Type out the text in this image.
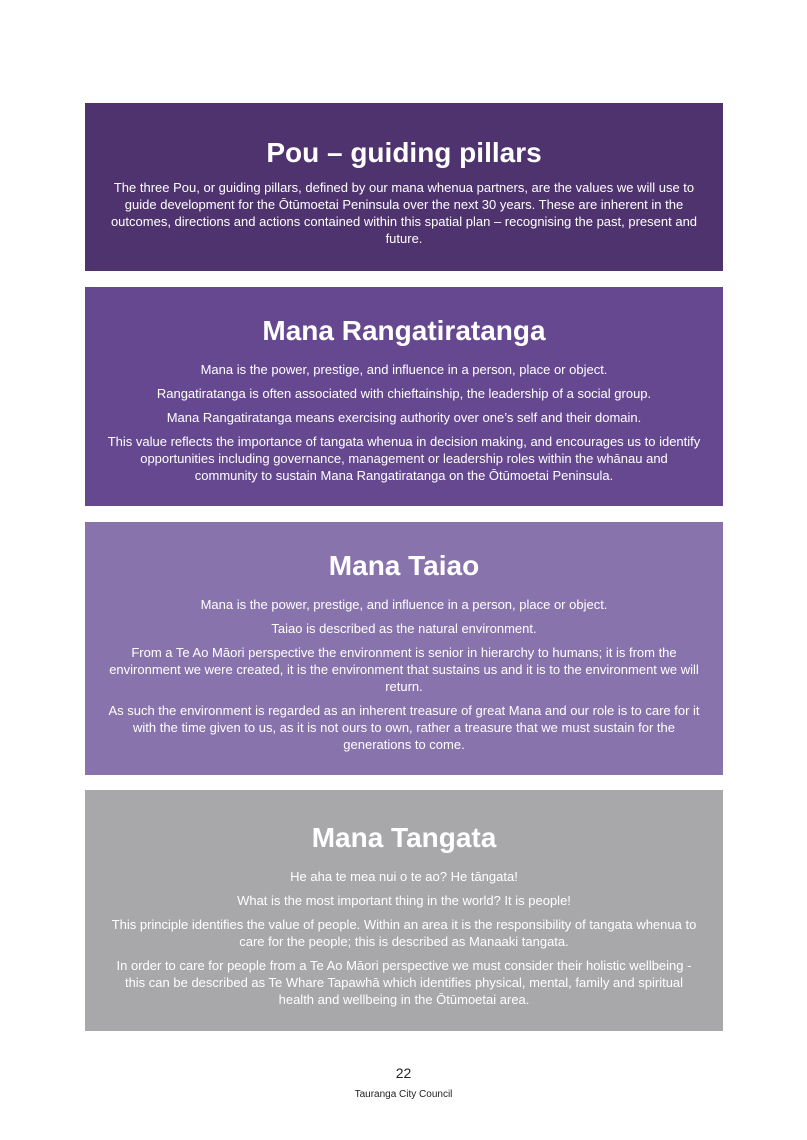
Pou – guiding pillars

The three Pou, or guiding pillars, defined by our mana whenua partners, are the values we will use to guide development for the Ōtūmoetai Peninsula over the next 30 years. These are inherent in the outcomes, directions and actions contained within this spatial plan – recognising the past, present and future.

Mana Rangatiratanga

Mana is the power, prestige, and influence in a person, place or object.

Rangatiratanga is often associated with chieftainship, the leadership of a social group.

Mana Rangatiratanga means exercising authority over one’s self and their domain.

This value reflects the importance of tangata whenua in decision making, and encourages us to identify opportunities including governance, management or leadership roles within the whānau and community to sustain Mana Rangatiratanga on the Ōtūmoetai Peninsula.

Mana Taiao

Mana is the power, prestige, and influence in a person, place or object.

Taiao is described as the natural environment.

From a Te Ao Māori perspective the environment is senior in hierarchy to humans; it is from the environment we were created, it is the environment that sustains us and it is to the environment we will return.

As such the environment is regarded as an inherent treasure of great Mana and our role is to care for it with the time given to us, as it is not ours to own, rather a treasure that we must sustain for the generations to come.

Mana Tangata

He aha te mea nui o te ao? He tāngata!

What is the most important thing in the world? It is people!

This principle identifies the value of people. Within an area it is the responsibility of tangata whenua to care for the people; this is described as Manaaki tangata.

In order to care for people from a Te Ao Māori perspective we must consider their holistic wellbeing - this can be described as Te Whare Tapawhā which identifies physical, mental, family and spiritual health and wellbeing in the Ōtūmoetai area.

22
Tauranga City Council
